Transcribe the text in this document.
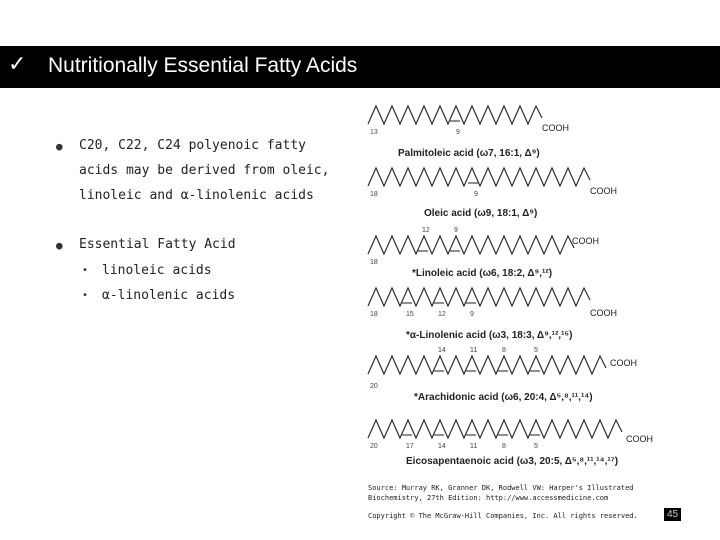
✓ Nutritionally Essential Fatty Acids
● C20, C22, C24 polyenoic fatty
acids may be derived from oleic,
linoleic and α-linolenic acids
● Essential Fatty Acid
• linoleic acids
• α-linolenic acids
COOH
COOH
COOH
COOH
COOH
COOH
13	9
18	9
18
12	9
18	15	12	9
20
14	11	8	5
20	17	14	11	8	5
Palmitoleic acid (ω7, 16:1, Δ⁹)
Oleic acid (ω9, 18:1, Δ⁹)
*Linoleic acid (ω6, 18:2, Δ⁹,¹²)
*α-Linolenic acid (ω3, 18:3, Δ⁹,¹²,¹⁵)
*Arachidonic acid (ω6, 20:4, Δ⁵,⁸,¹¹,¹⁴)
Eicosapentaenoic acid (ω3, 20:5, Δ⁵,⁸,¹¹,¹⁴,¹⁷)
Source: Murray RK, Granner DK, Rodwell VW: Harper's Illustrated
Biochemistry, 27th Edition: http://www.accessmedicine.com
Copyright © The McGraw-Hill Companies, Inc. All rights reserved.	45
